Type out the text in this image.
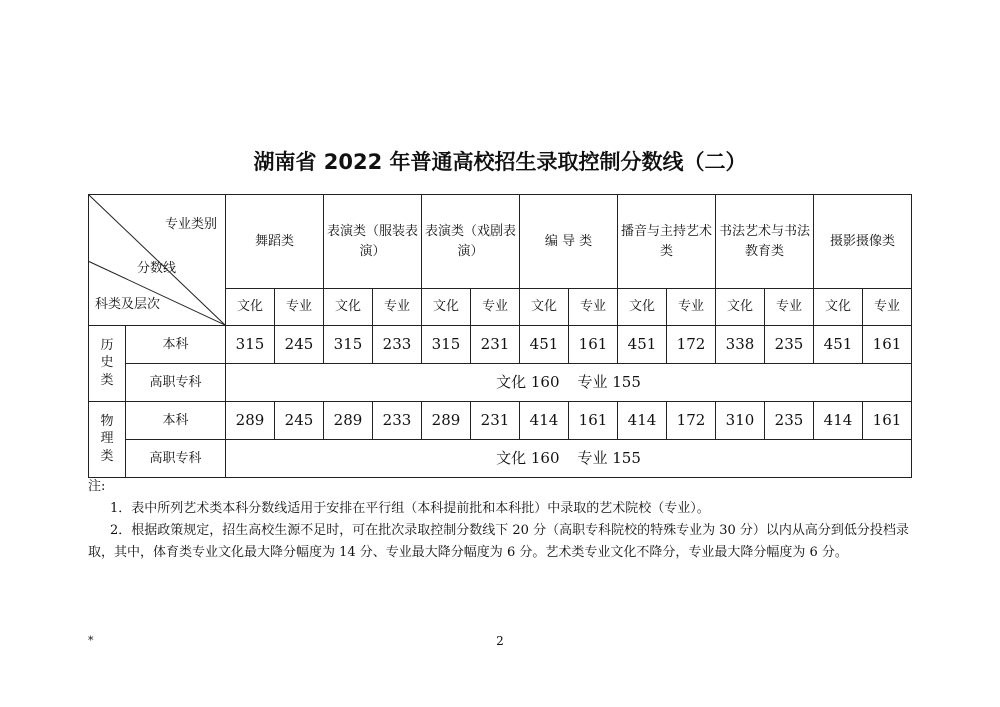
湖南省 2022 年普通高校招生录取控制分数线（二）
专业类别
分数线
科类及层次		舞蹈类		表演类（服装表演）		表演类（戏剧表演）		编 导 类		播音与主持艺术类		书法艺术与书法教育类		摄影摄像类	
		文化	专业	文化	专业	文化	专业	文化	专业	文化	专业	文化	专业	文化	专业
历史类	本科	315	245	315	233	315	231	451	161	451	172	338	235	451	161
	高职专科	文化 160 专业 155													
物理类	本科	289	245	289	233	289	231	414	161	414	172	310	235	414	161
	高职专科	文化 160 专业 155													

注:

1．表中所列艺术类本科分数线适用于安排在平行组（本科提前批和本科批）中录取的艺术院校（专业）。

2．根据政策规定，招生高校生源不足时，可在批次录取控制分数线下 20 分（高职专科院校的特殊专业为 30 分）以内从高分到低分投档录取，其中，体育类专业文化最大降分幅度为 14 分、专业最大降分幅度为 6 分。艺术类专业文化不降分，专业最大降分幅度为 6 分。

*	2
